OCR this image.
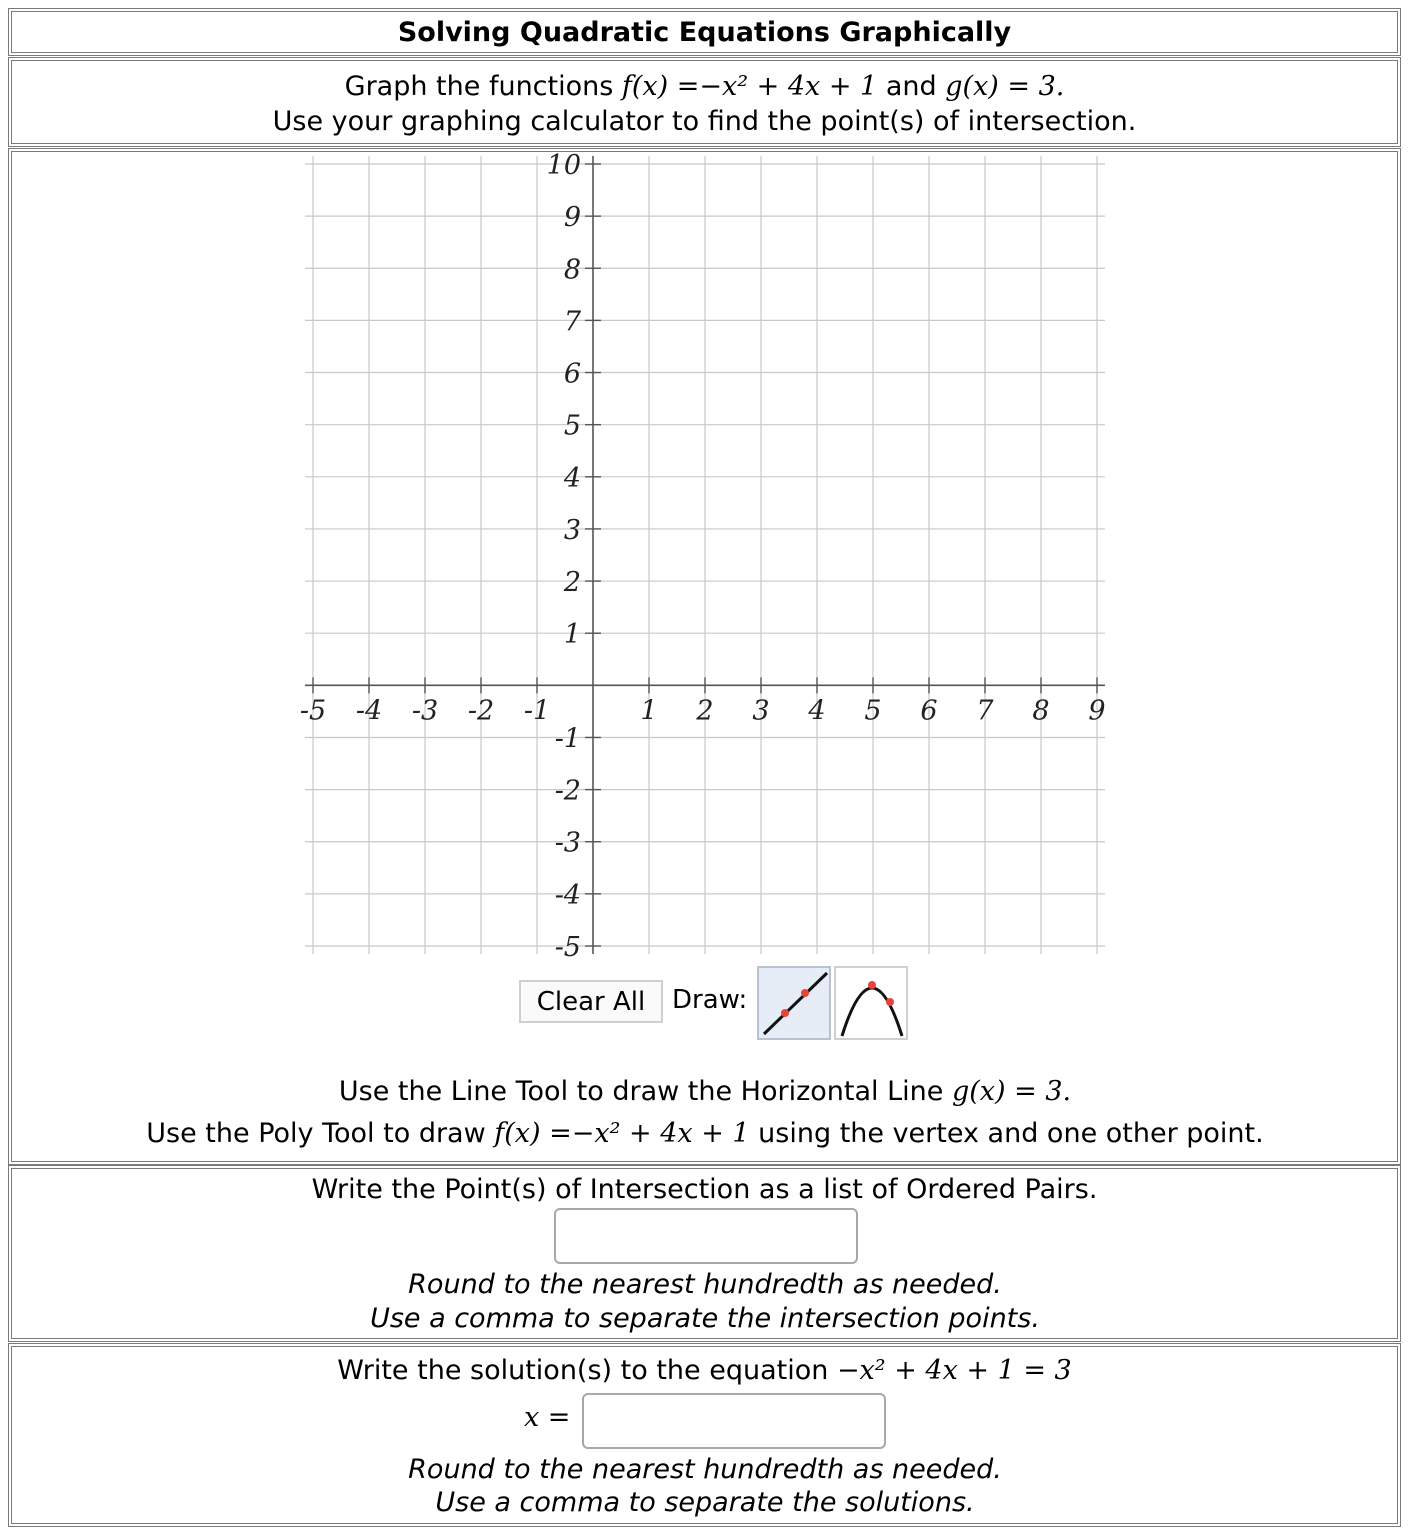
Solving Quadratic Equations Graphically
Graph the functions f(x) =−x² + 4x + 1 and g(x) = 3.
Use your graphing calculator to find the point(s) of intersection.
-5 -4 -3 -2 -1	1 2 3 4 5 6 7 8 9
10
9
8
7
6
5
4
3
2
1
-1
-2
-3
-4
-5
Clear All	Draw:
Use the Line Tool to draw the Horizontal Line g(x) = 3.
Use the Poly Tool to draw f(x) =−x² + 4x + 1 using the vertex and one other point.
Write the Point(s) of Intersection as a list of Ordered Pairs.
Round to the nearest hundredth as needed.
Use a comma to separate the intersection points.
Write the solution(s) to the equation −x² + 4x + 1 = 3
x =
Round to the nearest hundredth as needed.
Use a comma to separate the solutions.
